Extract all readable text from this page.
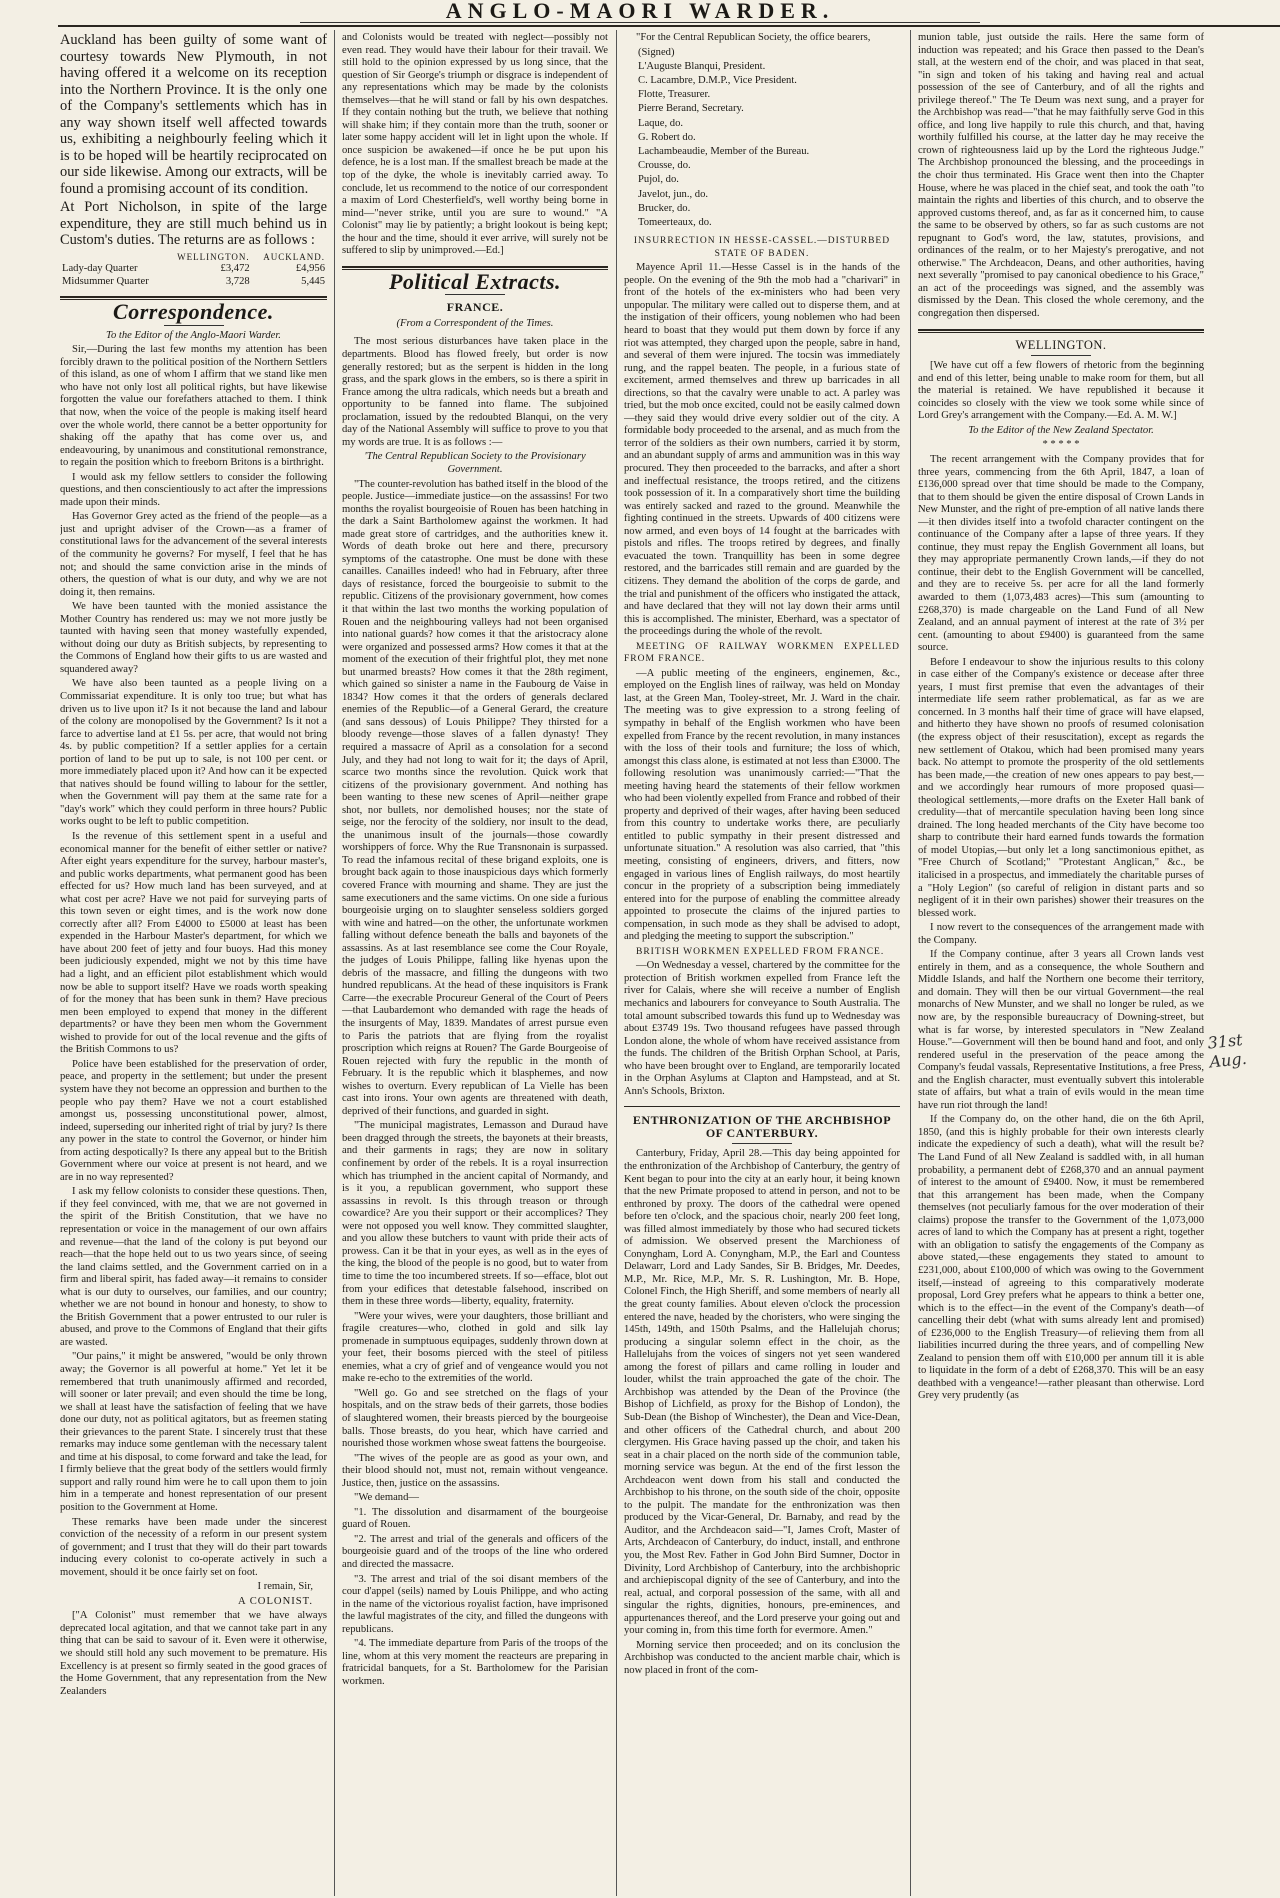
ANGLO-MAORI WARDER.

Auckland has been guilty of some want of courtesy towards New Plymouth, in not having offered it a welcome on its reception into the Northern Province. It is the only one of the Company's settlements which has in any way shown itself well affected towards us, exhibiting a neighbourly feeling which it is to be hoped will be heartily reciprocated on our side likewise. Among our extracts, will be found a promising account of its condition.

At Port Nicholson, in spite of the large expenditure, they are still much behind us in Custom's duties. The returns are as follows :

	WELLINGTON.	AUCKLAND.
Lady-day Quarter	£3,472	£4,956
Midsummer Quarter	3,728	5,445
Correspondence.

To the Editor of the Anglo-Maori Warder.

Sir,—During the last few months my attention has been forcibly drawn to the political position of the Northern Settlers of this island, as one of whom I affirm that we stand like men who have not only lost all political rights, but have likewise forgotten the value our forefathers attached to them. I think that now, when the voice of the people is making itself heard over the whole world, there cannot be a better opportunity for shaking off the apathy that has come over us, and endeavouring, by unanimous and constitutional remonstrance, to regain the position which to freeborn Britons is a birthright.

I would ask my fellow settlers to consider the following questions, and then conscientiously to act after the impressions made upon their minds.

Has Governor Grey acted as the friend of the people—as a just and upright adviser of the Crown—as a framer of constitutional laws for the advancement of the several interests of the community he governs? For myself, I feel that he has not; and should the same conviction arise in the minds of others, the question of what is our duty, and why we are not doing it, then remains.

We have been taunted with the monied assistance the Mother Country has rendered us: may we not more justly be taunted with having seen that money wastefully expended, without doing our duty as British subjects, by representing to the Commons of England how their gifts to us are wasted and squandered away?

We have also been taunted as a people living on a Commissariat expenditure. It is only too true; but what has driven us to live upon it? Is it not because the land and labour of the colony are monopolised by the Government? Is it not a farce to advertise land at £1 5s. per acre, that would not bring 4s. by public competition? If a settler applies for a certain portion of land to be put up to sale, is not 100 per cent. or more immediately placed upon it? And how can it be expected that natives should be found willing to labour for the settler, when the Government will pay them at the same rate for a "day's work" which they could perform in three hours? Public works ought to be left to public competition.

Is the revenue of this settlement spent in a useful and economical manner for the benefit of either settler or native? After eight years expenditure for the survey, harbour master's, and public works departments, what permanent good has been effected for us? How much land has been surveyed, and at what cost per acre? Have we not paid for surveying parts of this town seven or eight times, and is the work now done correctly after all? From £4000 to £5000 at least has been expended in the Harbour Master's department, for which we have about 200 feet of jetty and four buoys. Had this money been judiciously expended, might we not by this time have had a light, and an efficient pilot establishment which would now be able to support itself? Have we roads worth speaking of for the money that has been sunk in them? Have precious men been employed to expend that money in the different departments? or have they been men whom the Government wished to provide for out of the local revenue and the gifts of the British Commons to us?

Police have been established for the preservation of order, peace, and property in the settlement; but under the present system have they not become an oppression and burthen to the people who pay them? Have we not a court established amongst us, possessing unconstitutional power, almost, indeed, superseding our inherited right of trial by jury? Is there any power in the state to control the Governor, or hinder him from acting despotically? Is there any appeal but to the British Government where our voice at present is not heard, and we are in no way represented?

I ask my fellow colonists to consider these questions. Then, if they feel convinced, with me, that we are not governed in the spirit of the British Constitution, that we have no representation or voice in the management of our own affairs and revenue—that the land of the colony is put beyond our reach—that the hope held out to us two years since, of seeing the land claims settled, and the Government carried on in a firm and liberal spirit, has faded away—it remains to consider what is our duty to ourselves, our families, and our country; whether we are not bound in honour and honesty, to show to the British Government that a power entrusted to our ruler is abused, and prove to the Commons of England that their gifts are wasted.

"Our pains," it might be answered, "would be only thrown away; the Governor is all powerful at home." Yet let it be remembered that truth unanimously affirmed and recorded, will sooner or later prevail; and even should the time be long, we shall at least have the satisfaction of feeling that we have done our duty, not as political agitators, but as freemen stating their grievances to the parent State. I sincerely trust that these remarks may induce some gentleman with the necessary talent and time at his disposal, to come forward and take the lead, for I firmly believe that the great body of the settlers would firmly support and rally round him were he to call upon them to join him in a temperate and honest representation of our present position to the Government at Home.

These remarks have been made under the sincerest conviction of the necessity of a reform in our present system of government; and I trust that they will do their part towards inducing every colonist to co-operate actively in such a movement, should it be once fairly set on foot.

I remain, Sir,

A COLONIST.

["A Colonist" must remember that we have always deprecated local agitation, and that we cannot take part in any thing that can be said to savour of it. Even were it otherwise, we should still hold any such movement to be premature. His Excellency is at present so firmly seated in the good graces of the Home Government, that any representation from the New Zealanders

and Colonists would be treated with neglect—possibly not even read. They would have their labour for their travail. We still hold to the opinion expressed by us long since, that the question of Sir George's triumph or disgrace is independent of any representations which may be made by the colonists themselves—that he will stand or fall by his own despatches. If they contain nothing but the truth, we believe that nothing will shake him; if they contain more than the truth, sooner or later some happy accident will let in light upon the whole. If once suspicion be awakened—if once he be put upon his defence, he is a lost man. If the smallest breach be made at the top of the dyke, the whole is inevitably carried away. To conclude, let us recommend to the notice of our correspondent a maxim of Lord Chesterfield's, well worthy being borne in mind—"never strike, until you are sure to wound." "A Colonist" may lie by patiently; a bright lookout is being kept; the hour and the time, should it ever arrive, will surely not be suffered to slip by unimproved.—Ed.]

Political Extracts.

FRANCE.

(From a Correspondent of the Times.

The most serious disturbances have taken place in the departments. Blood has flowed freely, but order is now generally restored; but as the serpent is hidden in the long grass, and the spark glows in the embers, so is there a spirit in France among the ultra radicals, which needs but a breath and opportunity to be fanned into flame. The subjoined proclamation, issued by the redoubted Blanqui, on the very day of the National Assembly will suffice to prove to you that my words are true. It is as follows :—

'The Central Republican Society to the Provisionary Government.

"The counter-revolution has bathed itself in the blood of the people. Justice—immediate justice—on the assassins! For two months the royalist bourgeoisie of Rouen has been hatching in the dark a Saint Bartholomew against the workmen. It had made great store of cartridges, and the authorities knew it. Words of death broke out here and there, precursory symptoms of the catastrophe. One must be done with these canailles. Canailles indeed! who had in February, after three days of resistance, forced the bourgeoisie to submit to the republic. Citizens of the provisionary government, how comes it that within the last two months the working population of Rouen and the neighbouring valleys had not been organised into national guards? how comes it that the aristocracy alone were organized and possessed arms? How comes it that at the moment of the execution of their frightful plot, they met none but unarmed breasts? How comes it that the 28th regiment, which gained so sinister a name in the Faubourg de Vaise in 1834? How comes it that the orders of generals declared enemies of the Republic—of a General Gerard, the creature (and sans dessous) of Louis Philippe? They thirsted for a bloody revenge—those slaves of a fallen dynasty! They required a massacre of April as a consolation for a second July, and they had not long to wait for it; the days of April, scarce two months since the revolution. Quick work that citizens of the provisionary government. And nothing has been wanting to these new scenes of April—neither grape shot, nor bullets, nor demolished houses; nor the state of seige, nor the ferocity of the soldiery, nor insult to the dead, the unanimous insult of the journals—those cowardly worshippers of force. Why the Rue Transnonain is surpassed. To read the infamous recital of these brigand exploits, one is brought back again to those inauspicious days which formerly covered France with mourning and shame. They are just the same executioners and the same victims. On one side a furious bourgeoisie urging on to slaughter senseless soldiers gorged with wine and hatred—on the other, the unfortunate workmen falling without defence beneath the balls and bayonets of the assassins. As at last resemblance see come the Cour Royale, the judges of Louis Philippe, falling like hyenas upon the debris of the massacre, and filling the dungeons with two hundred republicans. At the head of these inquisitors is Frank Carre—the execrable Procureur General of the Court of Peers—that Laubardemont who demanded with rage the heads of the insurgents of May, 1839. Mandates of arrest pursue even to Paris the patriots that are flying from the royalist proscription which reigns at Rouen? The Garde Bourgeoise of Rouen rejected with fury the republic in the month of February. It is the republic which it blasphemes, and now wishes to overturn. Every republican of La Vielle has been cast into irons. Your own agents are threatened with death, deprived of their functions, and guarded in sight.

"The municipal magistrates, Lemasson and Duraud have been dragged through the streets, the bayonets at their breasts, and their garments in rags; they are now in solitary confinement by order of the rebels. It is a royal insurrection which has triumphed in the ancient capital of Normandy, and is it you, a republican government, who support these assassins in revolt. Is this through treason or through cowardice? Are you their support or their accomplices? They were not opposed you well know. They committed slaughter, and you allow these butchers to vaunt with pride their acts of prowess. Can it be that in your eyes, as well as in the eyes of the king, the blood of the people is no good, but to water from time to time the too incumbered streets. If so—efface, blot out from your edifices that detestable falsehood, inscribed on them in these three words—liberty, equality, fraternity.

"Were your wives, were your daughters, those brilliant and fragile creatures—who, clothed in gold and silk lay promenade in sumptuous equipages, suddenly thrown down at your feet, their bosoms pierced with the steel of pitiless enemies, what a cry of grief and of vengeance would you not make re-echo to the extremities of the world.

"Well go. Go and see stretched on the flags of your hospitals, and on the straw beds of their garrets, those bodies of slaughtered women, their breasts pierced by the bourgeoise balls. Those breasts, do you hear, which have carried and nourished those workmen whose sweat fattens the bourgeoise.

"The wives of the people are as good as your own, and their blood should not, must not, remain without vengeance. Justice, then, justice on the assassins.

"We demand—

"1. The dissolution and disarmament of the bourgeoise guard of Rouen.

"2. The arrest and trial of the generals and officers of the bourgeoisie guard and of the troops of the line who ordered and directed the massacre.

"3. The arrest and trial of the soi disant members of the cour d'appel (seils) named by Louis Philippe, and who acting in the name of the victorious royalist faction, have imprisoned the lawful magistrates of the city, and filled the dungeons with republicans.

"4. The immediate departure from Paris of the troops of the line, whom at this very moment the reacteurs are preparing in fratricidal banquets, for a St. Bartholomew for the Parisian workmen.

"For the Central Republican Society, the office bearers,

(Signed)

L'Auguste Blanqui, President.

C. Lacambre, D.M.P., Vice President.

Flotte, Treasurer.

Pierre Berand, Secretary.

Laque, do.

G. Robert do.

Lachambeaudie, Member of the Bureau.

Crousse, do.

Pujol, do.

Javelot, jun., do.

Brucker, do.

Tomeerteaux, do.

INSURRECTION IN HESSE-CASSEL.—DISTURBED STATE OF BADEN.

Mayence April 11.—Hesse Cassel is in the hands of the people. On the evening of the 9th the mob had a "charivari" in front of the hotels of the ex-ministers who had been very unpopular. The military were called out to disperse them, and at the instigation of their officers, young noblemen who had been heard to boast that they would put them down by force if any riot was attempted, they charged upon the people, sabre in hand, and several of them were injured. The tocsin was immediately rung, and the rappel beaten. The people, in a furious state of excitement, armed themselves and threw up barricades in all directions, so that the cavalry were unable to act. A parley was tried, but the mob once excited, could not be easily calmed down—they said they would drive every soldier out of the city. A formidable body proceeded to the arsenal, and as much from the terror of the soldiers as their own numbers, carried it by storm, and an abundant supply of arms and ammunition was in this way procured. They then proceeded to the barracks, and after a short and ineffectual resistance, the troops retired, and the citizens took possession of it. In a comparatively short time the building was entirely sacked and razed to the ground. Meanwhile the fighting continued in the streets. Upwards of 400 citizens were now armed, and even boys of 14 fought at the barricades with pistols and rifles. The troops retired by degrees, and finally evacuated the town. Tranquillity has been in some degree restored, and the barricades still remain and are guarded by the citizens. They demand the abolition of the corps de garde, and the trial and punishment of the officers who instigated the attack, and have declared that they will not lay down their arms until this is accomplished. The minister, Eberhard, was a spectator of the proceedings during the whole of the revolt.

MEETING OF RAILWAY WORKMEN EXPELLED FROM FRANCE.

—A public meeting of the engineers, enginemen, &c., employed on the English lines of railway, was held on Monday last, at the Green Man, Tooley-street, Mr. J. Ward in the chair. The meeting was to give expression to a strong feeling of sympathy in behalf of the English workmen who have been expelled from France by the recent revolution, in many instances with the loss of their tools and furniture; the loss of which, amongst this class alone, is estimated at not less than £3000. The following resolution was unanimously carried:—"That the meeting having heard the statements of their fellow workmen who had been violently expelled from France and robbed of their property and deprived of their wages, after having been seduced from this country to undertake works there, are peculiarly entitled to public sympathy in their present distressed and unfortunate situation." A resolution was also carried, that "this meeting, consisting of engineers, drivers, and fitters, now engaged in various lines of English railways, do most heartily concur in the propriety of a subscription being immediately entered into for the purpose of enabling the committee already appointed to prosecute the claims of the injured parties to compensation, in such mode as they shall be advised to adopt, and pledging the meeting to support the subscription."

BRITISH WORKMEN EXPELLED FROM FRANCE.

—On Wednesday a vessel, chartered by the committee for the protection of British workmen expelled from France left the river for Calais, where she will receive a number of English mechanics and labourers for conveyance to South Australia. The total amount subscribed towards this fund up to Wednesday was about £3749 19s. Two thousand refugees have passed through London alone, the whole of whom have received assistance from the funds. The children of the British Orphan School, at Paris, who have been brought over to England, are temporarily located in the Orphan Asylums at Clapton and Hampstead, and at St. Ann's Schools, Brixton.

ENTHRONIZATION OF THE ARCHBISHOP OF CANTERBURY.

Canterbury, Friday, April 28.—This day being appointed for the enthronization of the Archbishop of Canterbury, the gentry of Kent began to pour into the city at an early hour, it being known that the new Primate proposed to attend in person, and not to be enthroned by proxy. The doors of the cathedral were opened before ten o'clock, and the spacious choir, nearly 200 feet long, was filled almost immediately by those who had secured tickets of admission. We observed present the Marchioness of Conyngham, Lord A. Conyngham, M.P., the Earl and Countess Delawarr, Lord and Lady Sandes, Sir B. Bridges, Mr. Deedes, M.P., Mr. Rice, M.P., Mr. S. R. Lushington, Mr. B. Hope, Colonel Finch, the High Sheriff, and some members of nearly all the great county families. About eleven o'clock the procession entered the nave, headed by the choristers, who were singing the 145th, 149th, and 150th Psalms, and the Hallelujah chorus; producing a singular solemn effect in the choir, as the Hallelujahs from the voices of singers not yet seen wandered among the forest of pillars and came rolling in louder and louder, whilst the train approached the gate of the choir. The Archbishop was attended by the Dean of the Province (the Bishop of Lichfield, as proxy for the Bishop of London), the Sub-Dean (the Bishop of Winchester), the Dean and Vice-Dean, and other officers of the Cathedral church, and about 200 clergymen. His Grace having passed up the choir, and taken his seat in a chair placed on the north side of the communion table, morning service was begun. At the end of the first lesson the Archdeacon went down from his stall and conducted the Archbishop to his throne, on the south side of the choir, opposite to the pulpit. The mandate for the enthronization was then produced by the Vicar-General, Dr. Barnaby, and read by the Auditor, and the Archdeacon said—"I, James Croft, Master of Arts, Archdeacon of Canterbury, do induct, install, and enthrone you, the Most Rev. Father in God John Bird Sumner, Doctor in Divinity, Lord Archbishop of Canterbury, into the archbishopric and archiepiscopal dignity of the see of Canterbury, and into the real, actual, and corporal possession of the same, with all and singular the rights, dignities, honours, pre-eminences, and appurtenances thereof, and the Lord preserve your going out and your coming in, from this time forth for evermore. Amen."

Morning service then proceeded; and on its conclusion the Archbishop was conducted to the ancient marble chair, which is now placed in front of the com-

munion table, just outside the rails. Here the same form of induction was repeated; and his Grace then passed to the Dean's stall, at the western end of the choir, and was placed in that seat, "in sign and token of his taking and having real and actual possession of the see of Canterbury, and of all the rights and privilege thereof." The Te Deum was next sung, and a prayer for the Archbishop was read—"that he may faithfully serve God in this office, and long live happily to rule this church, and that, having worthily fulfilled his course, at the latter day he may receive the crown of righteousness laid up by the Lord the righteous Judge." The Archbishop pronounced the blessing, and the proceedings in the choir thus terminated. His Grace went then into the Chapter House, where he was placed in the chief seat, and took the oath "to maintain the rights and liberties of this church, and to observe the approved customs thereof, and, as far as it concerned him, to cause the same to be observed by others, so far as such customs are not repugnant to God's word, the law, statutes, provisions, and ordinances of the realm, or to her Majesty's prerogative, and not otherwise." The Archdeacon, Deans, and other authorities, having next severally "promised to pay canonical obedience to his Grace," an act of the proceedings was signed, and the assembly was dismissed by the Dean. This closed the whole ceremony, and the congregation then dispersed.

WELLINGTON.

[We have cut off a few flowers of rhetoric from the beginning and end of this letter, being unable to make room for them, but all the material is retained. We have republished it because it coincides so closely with the view we took some while since of Lord Grey's arrangement with the Company.—Ed. A. M. W.]

To the Editor of the New Zealand Spectator.

* * * * *

The recent arrangement with the Company provides that for three years, commencing from the 6th April, 1847, a loan of £136,000 spread over that time should be made to the Company, that to them should be given the entire disposal of Crown Lands in New Munster, and the right of pre-emption of all native lands there—it then divides itself into a twofold character contingent on the continuance of the Company after a lapse of three years. If they continue, they must repay the English Government all loans, but they may appropriate permanently Crown lands,—if they do not continue, their debt to the English Government will be cancelled, and they are to receive 5s. per acre for all the land formerly awarded to them (1,073,483 acres)—This sum (amounting to £268,370) is made chargeable on the Land Fund of all New Zealand, and an annual payment of interest at the rate of 3½ per cent. (amounting to about £9400) is guaranteed from the same source.

Before I endeavour to show the injurious results to this colony in case either of the Company's existence or decease after three years, I must first premise that even the advantages of their intermediate life seem rather problematical, as far as we are concerned. In 3 months half their time of grace will have elapsed, and hitherto they have shown no proofs of resumed colonisation (the express object of their resuscitation), except as regards the new settlement of Otakou, which had been promised many years back. No attempt to promote the prosperity of the old settlements has been made,—the creation of new ones appears to pay best,—and we accordingly hear rumours of more proposed quasi—theological settlements,—more drafts on the Exeter Hall bank of credulity—that of mercantile speculation having been long since drained. The long headed merchants of the City have become too sharp to contribute their hard earned funds towards the formation of model Utopias,—but only let a long sanctimonious epithet, as "Free Church of Scotland;" "Protestant Anglican," &c., be italicised in a prospectus, and immediately the charitable purses of a "Holy Legion" (so careful of religion in distant parts and so negligent of it in their own parishes) shower their treasures on the blessed work.

I now revert to the consequences of the arrangement made with the Company.

If the Company continue, after 3 years all Crown lands vest entirely in them, and as a consequence, the whole Southern and Middle Islands, and half the Northern one become their territory, and domain. They will then be our virtual Government—the real monarchs of New Munster, and we shall no longer be ruled, as we now are, by the responsible bureaucracy of Downing-street, but what is far worse, by interested speculators in "New Zealand House."—Government will then be bound hand and foot, and only rendered useful in the preservation of the peace among the Company's feudal vassals, Representative Institutions, a free Press, and the English character, must eventually subvert this intolerable state of affairs, but what a train of evils would in the mean time have run riot through the land!

If the Company do, on the other hand, die on the 6th April, 1850, (and this is highly probable for their own interests clearly indicate the expediency of such a death), what will the result be? The Land Fund of all New Zealand is saddled with, in all human probability, a permanent debt of £268,370 and an annual payment of interest to the amount of £9400. Now, it must be remembered that this arrangement has been made, when the Company themselves (not peculiarly famous for the over moderation of their claims) propose the transfer to the Government of the 1,073,000 acres of land to which the Company has at present a right, together with an obligation to satisfy the engagements of the Company as above stated,—these engagements they stated to amount to £231,000, about £100,000 of which was owing to the Government itself,—instead of agreeing to this comparatively moderate proposal, Lord Grey prefers what he appears to think a better one, which is to the effect—in the event of the Company's death—of cancelling their debt (what with sums already lent and promised) of £236,000 to the English Treasury—of relieving them from all liabilities incurred during the three years, and of compelling New Zealand to pension them off with £10,000 per annum till it is able to liquidate in the form of a debt of £268,370. This will be an easy deathbed with a vengeance!—rather pleasant than otherwise. Lord Grey very prudently (as

31st Aug.
